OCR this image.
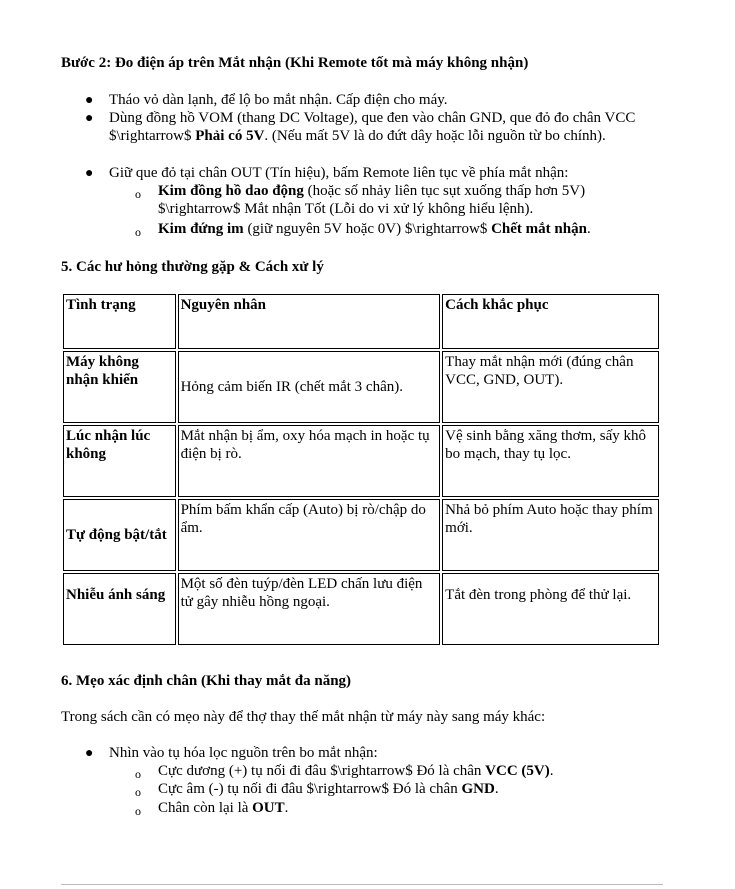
Bước 2: Đo điện áp trên Mắt nhận (Khi Remote tốt mà máy không nhận)
● Tháo vỏ dàn lạnh, để lộ bo mắt nhận. Cấp điện cho máy.
● Dùng đồng hồ VOM (thang DC Voltage), que đen vào chân GND, que đỏ đo chân VCC $\rightarrow$ Phải có 5V. (Nếu mất 5V là do đứt dây hoặc lỗi nguồn từ bo chính).
● Giữ que đỏ tại chân OUT (Tín hiệu), bấm Remote liên tục về phía mắt nhận:
o Kim đồng hồ dao động (hoặc số nhảy liên tục sụt xuống thấp hơn 5V) $\rightarrow$ Mắt nhận Tốt (Lỗi do vi xử lý không hiểu lệnh).
o Kim đứng im (giữ nguyên 5V hoặc 0V) $\rightarrow$ Chết mắt nhận.
5. Các hư hỏng thường gặp & Cách xử lý
Tình trạng	Nguyên nhân	Cách khắc phục
Máy không nhận khiển	Hỏng cảm biến IR (chết mắt 3 chân).	Thay mắt nhận mới (đúng chân VCC, GND, OUT).
Lúc nhận lúc không	Mắt nhận bị ẩm, oxy hóa mạch in hoặc tụ điện bị rò.	Vệ sinh bằng xăng thơm, sấy khô bo mạch, thay tụ lọc.
Tự động bật/tắt	Phím bấm khẩn cấp (Auto) bị rò/chập do ẩm.	Nhả bỏ phím Auto hoặc thay phím mới.
Nhiễu ánh sáng	Một số đèn tuýp/đèn LED chấn lưu điện tử gây nhiễu hồng ngoại.	Tắt đèn trong phòng để thử lại.
6. Mẹo xác định chân (Khi thay mắt đa năng)
Trong sách cần có mẹo này để thợ thay thế mắt nhận từ máy này sang máy khác:
● Nhìn vào tụ hóa lọc nguồn trên bo mắt nhận:
o Cực dương (+) tụ nối đi đâu $\rightarrow$ Đó là chân VCC (5V).
o Cực âm (-) tụ nối đi đâu $\rightarrow$ Đó là chân GND.
o Chân còn lại là OUT.
